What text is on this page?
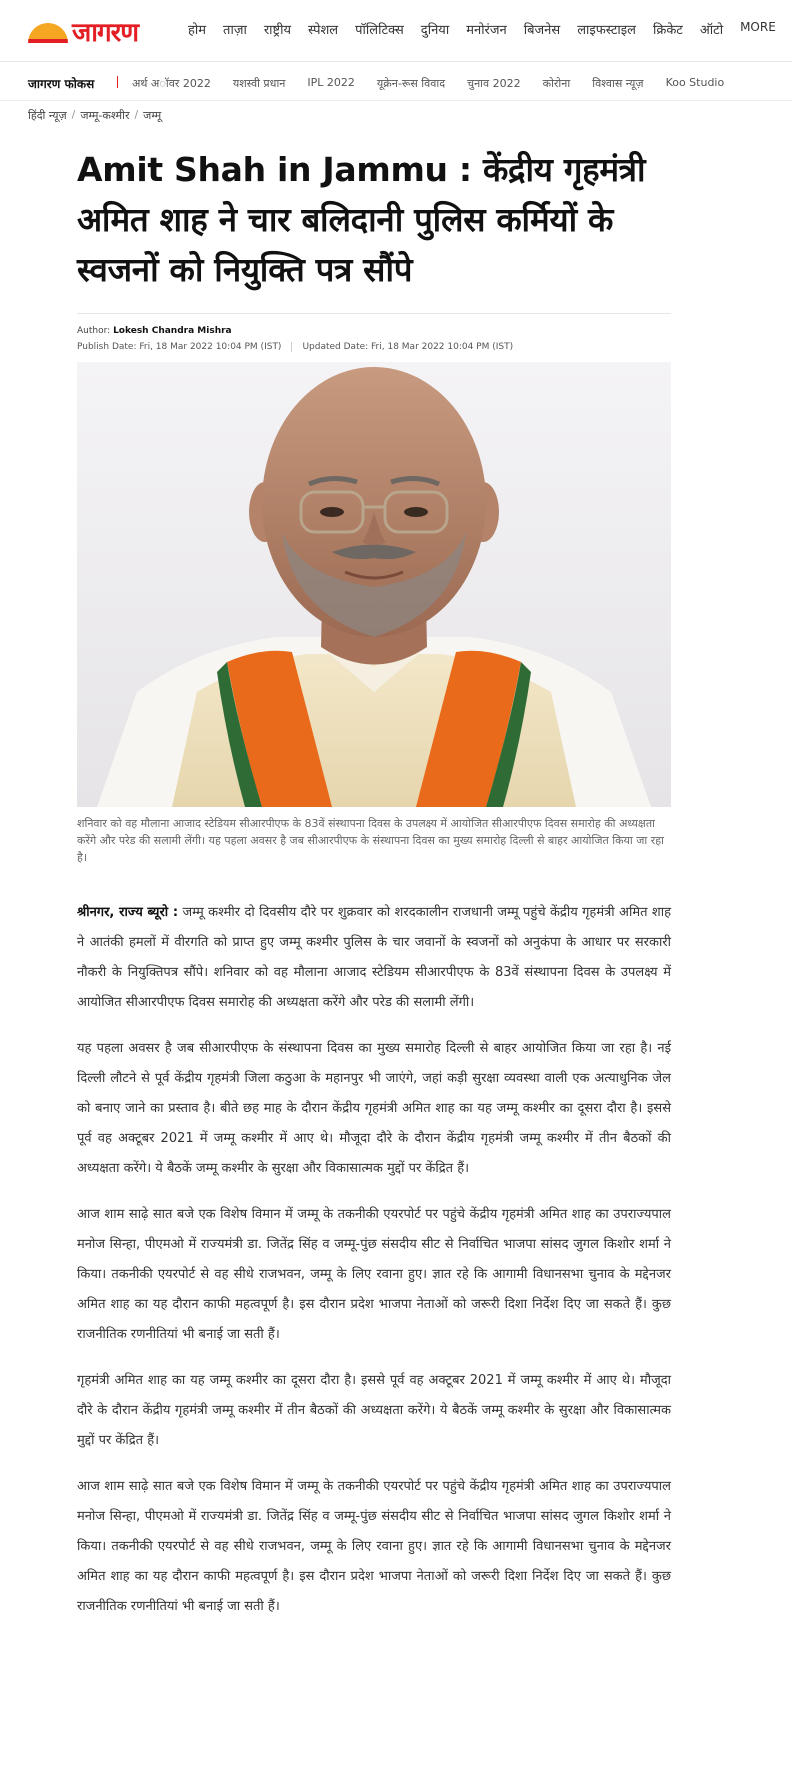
जागरण	होम ताज़ा राष्ट्रीय स्पेशल पॉलिटिक्स दुनिया मनोरंजन बिजनेस लाइफस्टाइल क्रिकेट ऑटो MORE
जागरण फोकस	अर्थ अॉवर 2022 यशस्वी प्रधान IPL 2022 यूक्रेन-रूस विवाद चुनाव 2022 कोरोना विश्वास न्यूज़ Koo Studio
हिंदी न्यूज़ / जम्मू-कश्मीर / जम्मू
Amit Shah in Jammu : केंद्रीय गृहमंत्री अमित शाह ने चार बलिदानी पुलिस कर्मियों के स्वजनों को नियुक्ति पत्र सौंपे
Author: Lokesh Chandra Mishra
Publish Date: Fri, 18 Mar 2022 10:04 PM (IST) Updated Date: Fri, 18 Mar 2022 10:04 PM (IST)
शनिवार को वह मौलाना आजाद स्टेडियम सीआरपीएफ के 83वें संस्थापना दिवस के उपलक्ष्य में आयोजित सीआरपीएफ दिवस समारोह की अध्यक्षता करेंगे और परेड की सलामी लेंगी। यह पहला अवसर है जब सीआरपीएफ के संस्थापना दिवस का मुख्य समारोह दिल्ली से बाहर आयोजित किया जा रहा है।

श्रीनगर, राज्य ब्यूरो : जम्मू कश्मीर दो दिवसीय दौरे पर शुक्रवार को शरदकालीन राजधानी जम्मू पहुंचे केंद्रीय गृहमंत्री अमित शाह ने आतंकी हमलों में वीरगति को प्राप्त हुए जम्मू कश्मीर पुलिस के चार जवानों के स्वजनों को अनुकंपा के आधार पर सरकारी नौकरी के नियुक्तिपत्र सौंपे। शनिवार को वह मौलाना आजाद स्टेडियम सीआरपीएफ के 83वें संस्थापना दिवस के उपलक्ष्य में आयोजित सीआरपीएफ दिवस समारोह की अध्यक्षता करेंगे और परेड की सलामी लेंगी।

यह पहला अवसर है जब सीआरपीएफ के संस्थापना दिवस का मुख्य समारोह दिल्ली से बाहर आयोजित किया जा रहा है। नई दिल्ली लौटने से पूर्व केंद्रीय गृहमंत्री जिला कठुआ के महानपुर भी जाएंगे, जहां कड़ी सुरक्षा व्यवस्था वाली एक अत्याधुनिक जेल को बनाए जाने का प्रस्ताव है। बीते छह माह के दौरान केंद्रीय गृहमंत्री अमित शाह का यह जम्मू कश्मीर का दूसरा दौरा है। इससे पूर्व वह अक्टूबर 2021 में जम्मू कश्मीर में आए थे। मौजूदा दौरे के दौरान केंद्रीय गृहमंत्री जम्मू कश्मीर में तीन बैठकों की अध्यक्षता करेंगे। ये बैठकें जम्मू कश्मीर के सुरक्षा और विकासात्मक मुद्दों पर केंद्रित हैं।

आज शाम साढ़े सात बजे एक विशेष विमान में जम्मू के तकनीकी एयरपोर्ट पर पहुंचे केंद्रीय गृहमंत्री अमित शाह का उपराज्यपाल मनोज सिन्हा, पीएमओ में राज्यमंत्री डा. जितेंद्र सिंह व जम्मू-पुंछ संसदीय सीट से निर्वाचित भाजपा सांसद जुगल किशोर शर्मा ने किया। तकनीकी एयरपोर्ट से वह सीधे राजभवन, जम्मू के लिए रवाना हुए। ज्ञात रहे कि आगामी विधानसभा चुनाव के मद्देनजर अमित शाह का यह दौरान काफी महत्वपूर्ण है। इस दौरान प्रदेश भाजपा नेताओं को जरूरी दिशा निर्देश दिए जा सकते हैं। कुछ राजनीतिक रणनीतियां भी बनाई जा सती हैं।

गृहमंत्री अमित शाह का यह जम्मू कश्मीर का दूसरा दौरा है। इससे पूर्व वह अक्टूबर 2021 में जम्मू कश्मीर में आए थे। मौजूदा दौरे के दौरान केंद्रीय गृहमंत्री जम्मू कश्मीर में तीन बैठकों की अध्यक्षता करेंगे। ये बैठकें जम्मू कश्मीर के सुरक्षा और विकासात्मक मुद्दों पर केंद्रित हैं।

आज शाम साढ़े सात बजे एक विशेष विमान में जम्मू के तकनीकी एयरपोर्ट पर पहुंचे केंद्रीय गृहमंत्री अमित शाह का उपराज्यपाल मनोज सिन्हा, पीएमओ में राज्यमंत्री डा. जितेंद्र सिंह व जम्मू-पुंछ संसदीय सीट से निर्वाचित भाजपा सांसद जुगल किशोर शर्मा ने किया। तकनीकी एयरपोर्ट से वह सीधे राजभवन, जम्मू के लिए रवाना हुए। ज्ञात रहे कि आगामी विधानसभा चुनाव के मद्देनजर अमित शाह का यह दौरान काफी महत्वपूर्ण है। इस दौरान प्रदेश भाजपा नेताओं को जरूरी दिशा निर्देश दिए जा सकते हैं। कुछ राजनीतिक रणनीतियां भी बनाई जा सती हैं।
